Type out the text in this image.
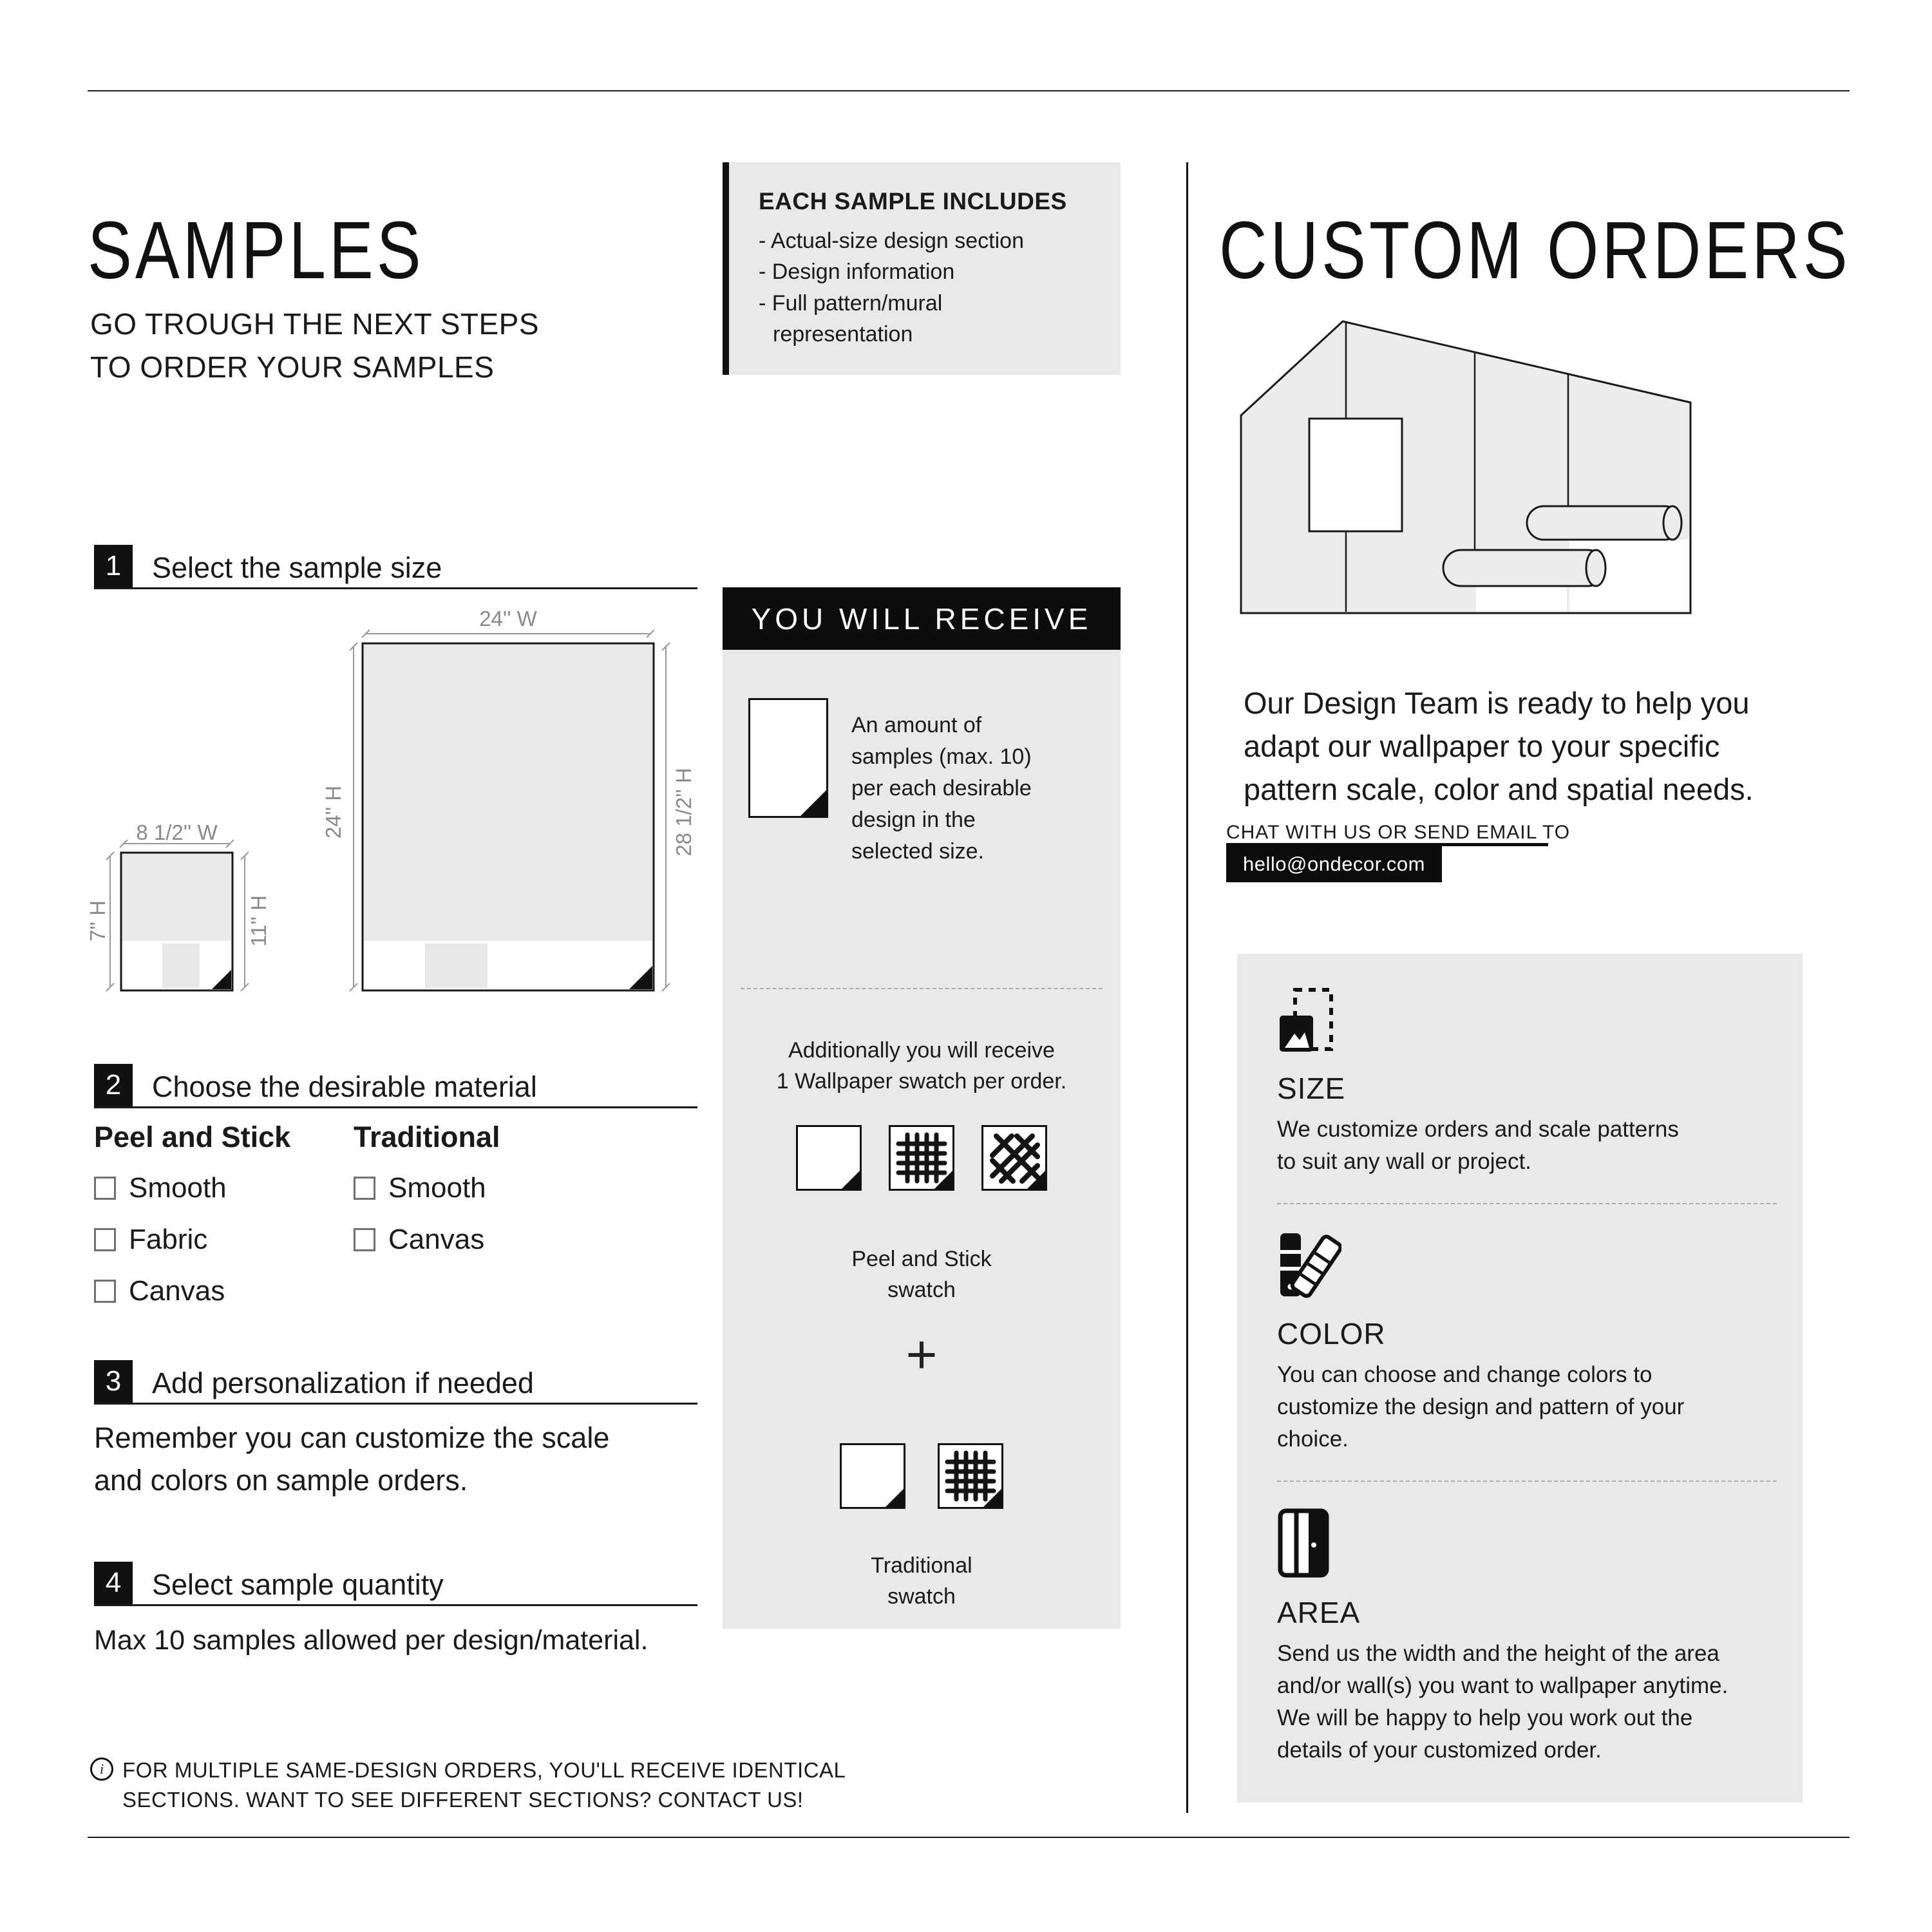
SAMPLES
GO TROUGH THE NEXT STEPS
TO ORDER YOUR SAMPLES
EACH SAMPLE INCLUDES
- Actual-size design section
- Design information
- Full pattern/mural
representation
1	Select the sample size
24'' W
8 1/2'' W	24'' H	28 1/2'' H
7'' H	11'' H
2	Choose the desirable material
Peel and Stick
Smooth
Fabric
Canvas
Traditional
Smooth
Canvas
3	Add personalization if needed
Remember you can customize the scale
and colors on sample orders.
4	Select sample quantity
Max 10 samples allowed per design/material.
i FOR MULTIPLE SAME-DESIGN ORDERS, YOU'LL RECEIVE IDENTICAL
SECTIONS. WANT TO SEE DIFFERENT SECTIONS? CONTACT US!
YOU WILL RECEIVE
An amount of
samples (max. 10)
per each desirable
design in the
selected size.
Additionally you will receive
1 Wallpaper swatch per order.
Peel and Stick
swatch
+
Traditional
swatch
CUSTOM ORDERS
Our Design Team is ready to help you
adapt our wallpaper to your specific
pattern scale, color and spatial needs.
CHAT WITH US OR SEND EMAIL TO
hello@ondecor.com
SIZE
We customize orders and scale patterns
to suit any wall or project.
COLOR
You can choose and change colors to
customize the design and pattern of your
choice.
AREA
Send us the width and the height of the area
and/or wall(s) you want to wallpaper anytime.
We will be happy to help you work out the
details of your customized order.
